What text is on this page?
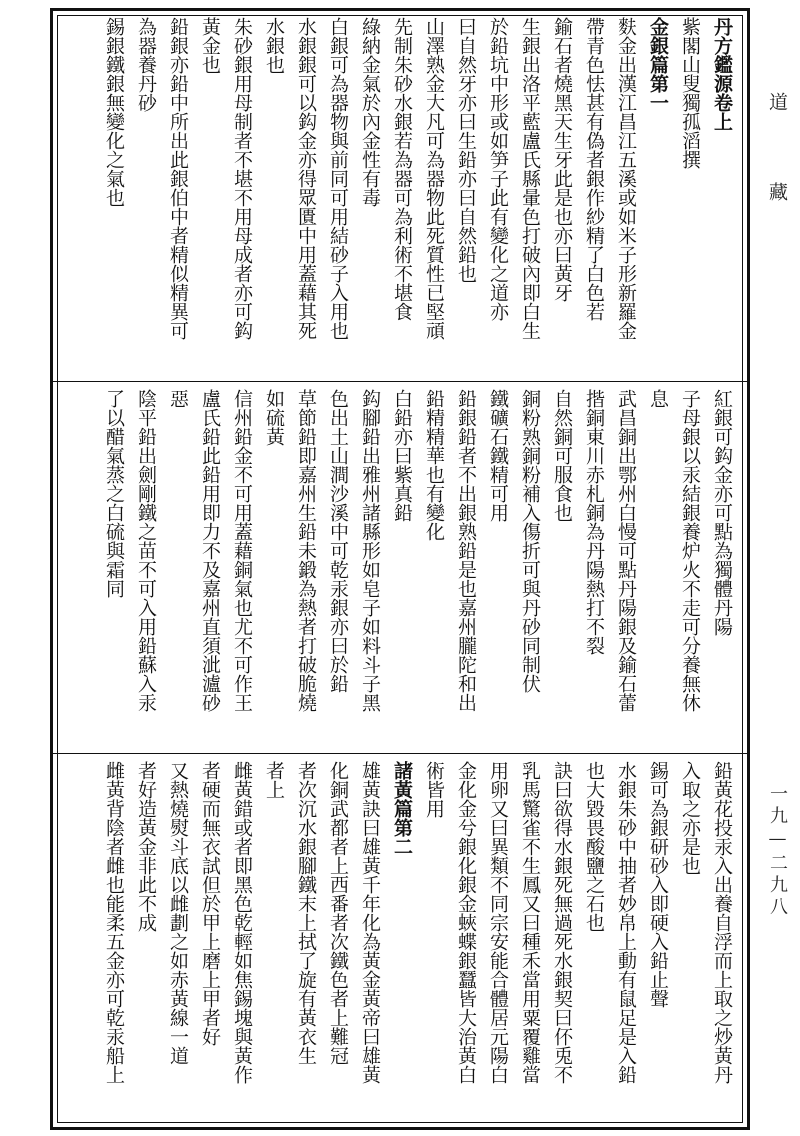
丹方鑑源卷上
紫閣山叟獨孤滔撰
金銀篇第一
麩金出漢江昌江五溪或如米子形新羅金
帶青色怯甚有偽者銀作紗精了白色若
鍮石者燒黑天生牙此是也亦曰黃牙
生銀出洛平藍盧氏縣暈色打破內即白生
於鉛坑中形或如笋子此有變化之道亦
曰自然牙亦曰生鉛亦曰自然鉛也
山澤熟金大凡可為器物此死質性已堅頑
先制朱砂水銀若為器可為利術不堪食
綠納金氣於內金性有毒
白銀可為器物與前同可用結砂子入用也
水銀銀可以鈎金亦得眾匱中用蓋藉其死
水銀也
朱砂銀用母制者不堪不用母成者亦可鈎
黃金也
鉛銀亦鉛中所出此銀伯中者精似精異可
為器養丹砂
錫銀鐵銀無變化之氣也
紅銀可鈎金亦可點為獨體丹陽
子母銀以汞結銀養炉火不走可分養無休
息
武昌銅出鄂州白慢可點丹陽銀及鍮石蕾
揩銅東川赤札銅為丹陽熱打不裂
自然銅可服食也
銅粉熟銅粉補入傷折可與丹砂同制伏
鐵礦石鐵精可用
鉛銀鉛者不出銀熟鉛是也嘉州朧陀和出
鉛精精華也有變化
白鉛亦曰紫真鉛
鈎腳鉛出雅州諸縣形如皂子如料斗子黑
色出土山澗沙溪中可乾汞銀亦曰於鉛
草節鉛即嘉州生鉛未鍛為熱者打破脆燒
如硫黃
信州鉛金不可用蓋藉銅氣也尤不可作王
盧氏鉛此鉛用即力不及嘉州直須泚瀘砂
惡
陰平鉛出劍剛鐵之苗不可入用鉛蘇入汞
了以醋氣蒸之白硫與霜同
鉛黃花投汞入出養自浮而上取之炒黃丹
入取之亦是也
錫可為銀研砂入即硬入鉛止聲
水銀朱砂中抽者妙帛上動有鼠足是入鉛
也大毀畏酸鹽之石也
訣曰欲得水銀死無過死水銀契曰伓兎不
乳馬驚雀不生鳳又曰種禾當用粟覆雞當
用卵又曰異類不同宗安能合體居元陽白
金化金兮銀化銀金蛺蝶銀蠶皆大治黃白
術皆用
諸黃篇第二
雄黃訣曰雄黃千年化為黃金黃帝曰雄黃
化銅武都者上西番者次鐵色者上難冠
者次沉水銀腳鐵末上拭了旋有黃衣生
者上
雌黃錯或者即黑色乾輕如焦錫塊與黃作
者硬而無衣試但於甲上磨上甲者好
又熱燒熨斗底以雌劃之如赤黃線一道
者好造黃金非此不成
雌黃背陰者雌也能柔五金亦可乾汞船上
道　藏
一九—二九八
